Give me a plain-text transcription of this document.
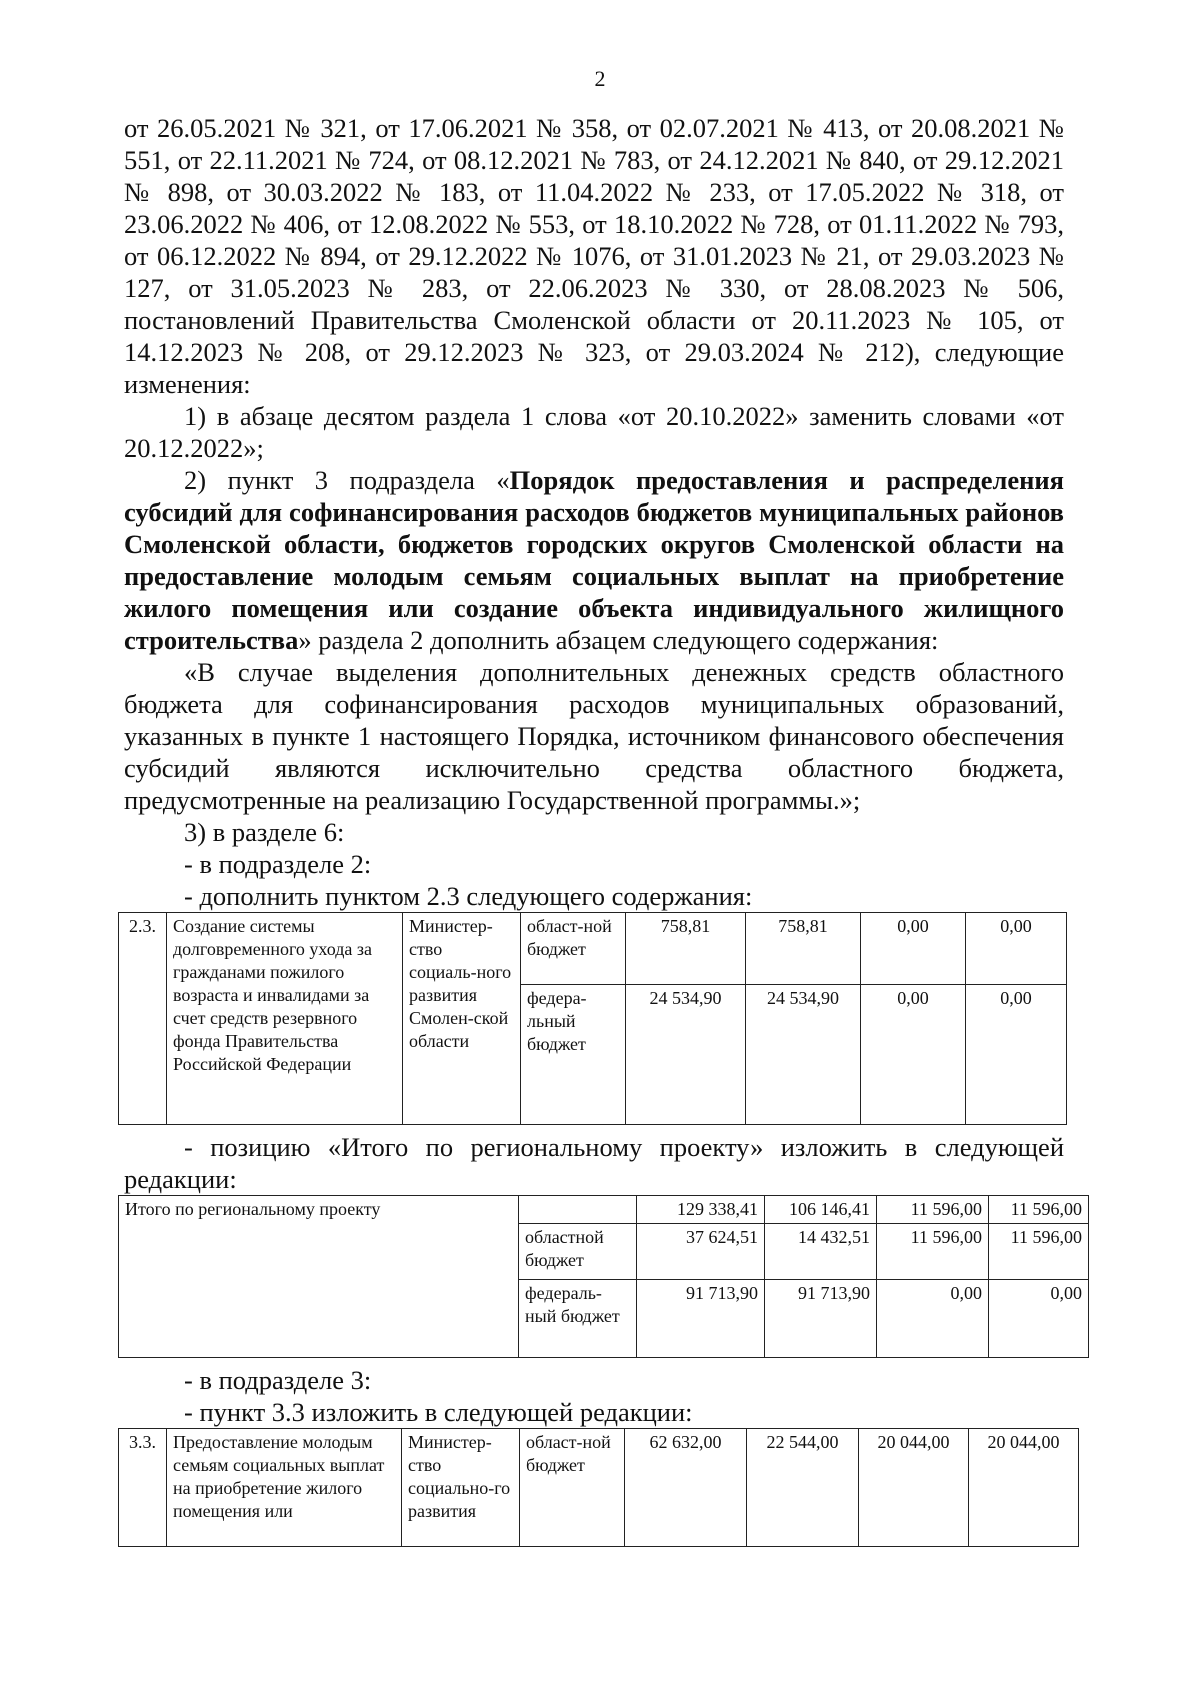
2

от 26.05.2021 № 321, от 17.06.2021 № 358, от 02.07.2021 № 413, от 20.08.2021 № 551, от 22.11.2021 № 724, от 08.12.2021 № 783, от 24.12.2021 № 840, от 29.12.2021 № 898, от 30.03.2022 № 183, от 11.04.2022 № 233, от 17.05.2022 № 318, от 23.06.2022 № 406, от 12.08.2022 № 553, от 18.10.2022 № 728, от 01.11.2022 № 793, от 06.12.2022 № 894, от 29.12.2022 № 1076, от 31.01.2023 № 21, от 29.03.2023 № 127, от 31.05.2023 № 283, от 22.06.2023 № 330, от 28.08.2023 № 506, постановлений Правительства Смоленской области от 20.11.2023 № 105, от 14.12.2023 № 208, от 29.12.2023 № 323, от 29.03.2024 № 212), следующие изменения:

1) в абзаце десятом раздела 1 слова «от 20.10.2022» заменить словами «от 20.12.2022»;

2) пункт 3 подраздела «Порядок предоставления и распределения субсидий для софинансирования расходов бюджетов муниципальных районов Смоленской области, бюджетов городских округов Смоленской области на предоставление молодым семьям социальных выплат на приобретение жилого помещения или создание объекта индивидуального жилищного строительства» раздела 2 дополнить абзацем следующего содержания:

«В случае выделения дополнительных денежных средств областного бюджета для софинансирования расходов муниципальных образований, указанных в пункте 1 настоящего Порядка, источником финансового обеспечения субсидий являются исключительно средства областного бюджета, предусмотренные на реализацию Государственной программы.»;

3) в разделе 6:

- в подразделе 2:

- дополнить пунктом 2.3 следующего содержания:

2.3.	Создание системы долговременного ухода за гражданами пожилого возраста и инвалидами за счет средств резервного фонда Правительства Российской Федерации	Министер-ство социаль-ного развития Смолен-ской области	област-ной бюджет	758,81	758,81	0,00	0,00
			федера-льный бюджет	24 534,90	24 534,90	0,00	0,00

- позицию «Итого по региональному проекту» изложить в следующей редакции:

Итого по региональному проекту		129 338,41	106 146,41	11 596,00	11 596,00
	областной бюджет	37 624,51	14 432,51	11 596,00	11 596,00
	федераль-ный бюджет	91 713,90	91 713,90	0,00	0,00

- в подразделе 3:

- пункт 3.3 изложить в следующей редакции:

3.3.	Предоставление молодым семьям социальных выплат на приобретение жилого помещения или	Министер-ство социально-го развития	област-ной бюджет	62 632,00	22 544,00	20 044,00	20 044,00
